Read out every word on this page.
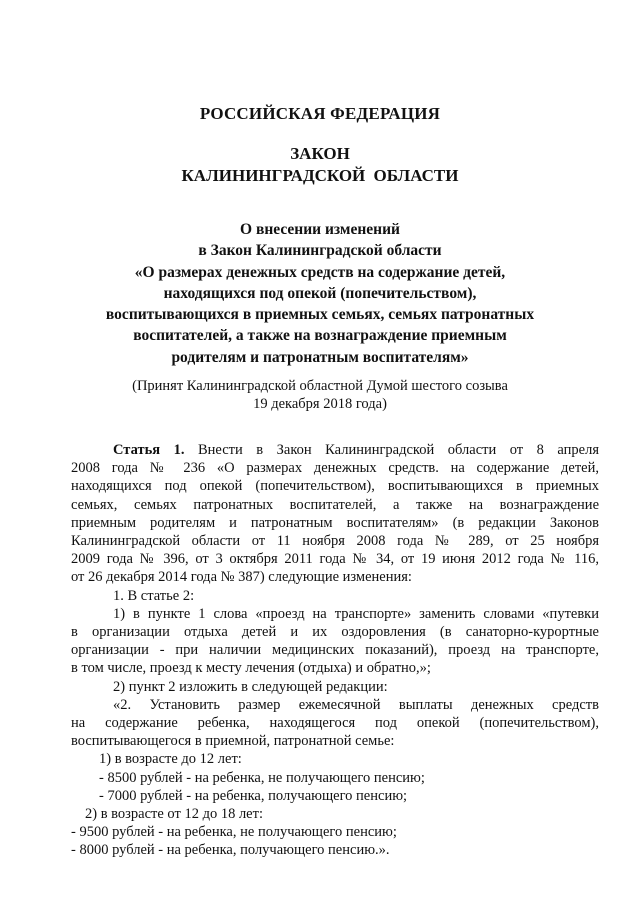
РОССИЙСКАЯ ФЕДЕРАЦИЯ
ЗАКОН
КАЛИНИНГРАДСКОЙ ОБЛАСТИ
О внесении изменений
в Закон Калининградской области
«О размерах денежных средств на содержание детей,
находящихся под опекой (попечительством),
воспитывающихся в приемных семьях, семьях патронатных
воспитателей, а также на вознаграждение приемным
родителям и патронатным воспитателям»
(Принят Калининградской областной Думой шестого созыва
19 декабря 2018 года)
Статья 1. Внести в Закон Калининградской области от 8 апреля
2008 года № 236 «О размерах денежных средств. на содержание детей,
находящихся под опекой (попечительством), воспитывающихся в приемных
семьях, семьях патронатных воспитателей, а также на вознаграждение
приемным родителям и патронатным воспитателям» (в редакции Законов
Калининградской области от 11 ноября 2008 года № 289, от 25 ноября
2009 года № 396, от 3 октября 2011 года № 34, от 19 июня 2012 года № 116,
от 26 декабря 2014 года № 387) следующие изменения:
1. В статье 2:
1) в пункте 1 слова «проезд на транспорте» заменить словами «путевки
в организации отдыха детей и их оздоровления (в санаторно-курортные
организации - при наличии медицинских показаний), проезд на транспорте,
в том числе, проезд к месту лечения (отдыха) и обратно,»;
2) пункт 2 изложить в следующей редакции:
«2. Установить размер ежемесячной выплаты денежных средств
на содержание ребенка, находящегося под опекой (попечительством),
воспитывающегося в приемной, патронатной семье:
1) в возрасте до 12 лет:
- 8500 рублей - на ребенка, не получающего пенсию;
- 7000 рублей - на ребенка, получающего пенсию;
2) в возрасте от 12 до 18 лет:
- 9500 рублей - на ребенка, не получающего пенсию;
- 8000 рублей - на ребенка, получающего пенсию.».
